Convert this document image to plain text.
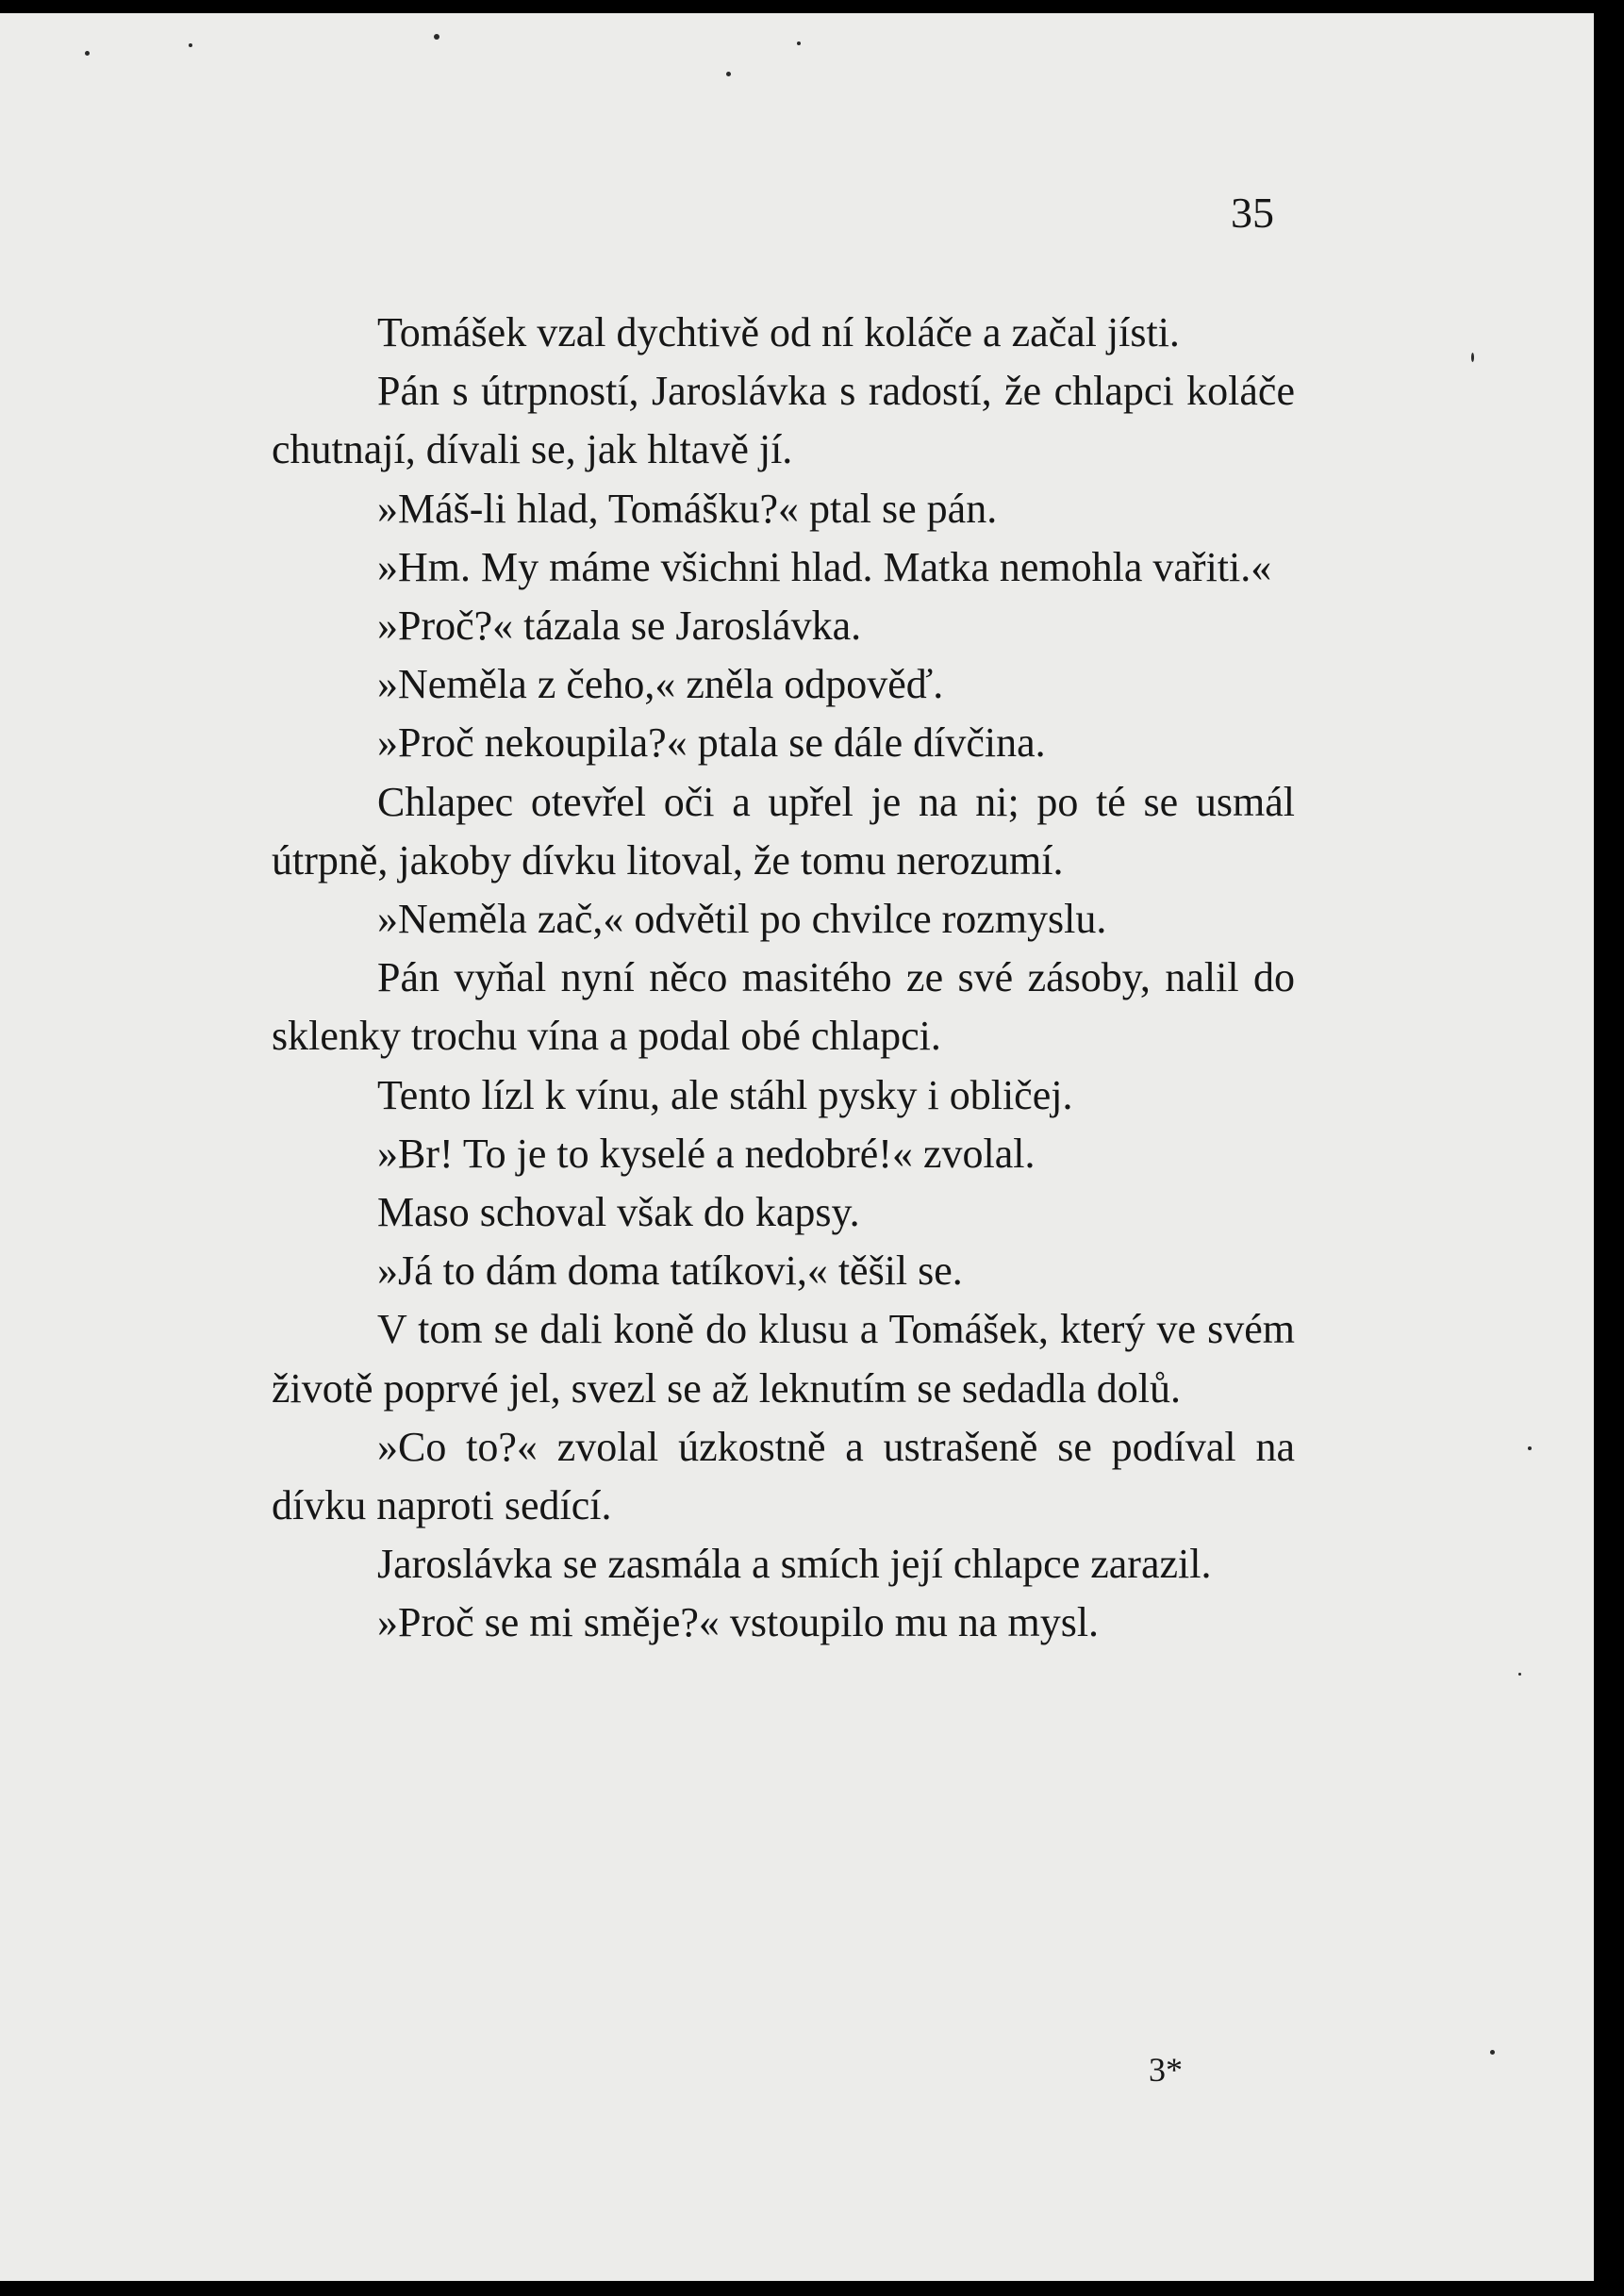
35

Tomášek vzal dychtivě od ní koláče a začal jísti.

Pán s útrpností, Jaroslávka s radostí, že chlapci koláče chutnají, dívali se, jak hltavě jí.

»Máš-li hlad, Tomášku?« ptal se pán.

»Hm. My máme všichni hlad. Matka nemohla vařiti.«

»Proč?« tázala se Jaroslávka.

»Neměla z čeho,« zněla odpověď.

»Proč nekoupila?« ptala se dále dívčina.

Chlapec otevřel oči a upřel je na ni; po té se usmál útrpně, jakoby dívku litoval, že tomu nerozumí.

»Neměla zač,« odvětil po chvilce rozmyslu.

Pán vyňal nyní něco masitého ze své zásoby, nalil do sklenky trochu vína a podal obé chlapci.

Tento lízl k vínu, ale stáhl pysky i obličej.

»Br! To je to kyselé a nedobré!« zvolal.

Maso schoval však do kapsy.

»Já to dám doma tatíkovi,« těšil se.

V tom se dali koně do klusu a Tomášek, který ve svém životě poprvé jel, svezl se až leknutím se sedadla dolů.

»Co to?« zvolal úzkostně a ustrašeně se podíval na dívku naproti sedící.

Jaroslávka se zasmála a smích její chlapce zarazil.

»Proč se mi směje?« vstoupilo mu na mysl.

3*
